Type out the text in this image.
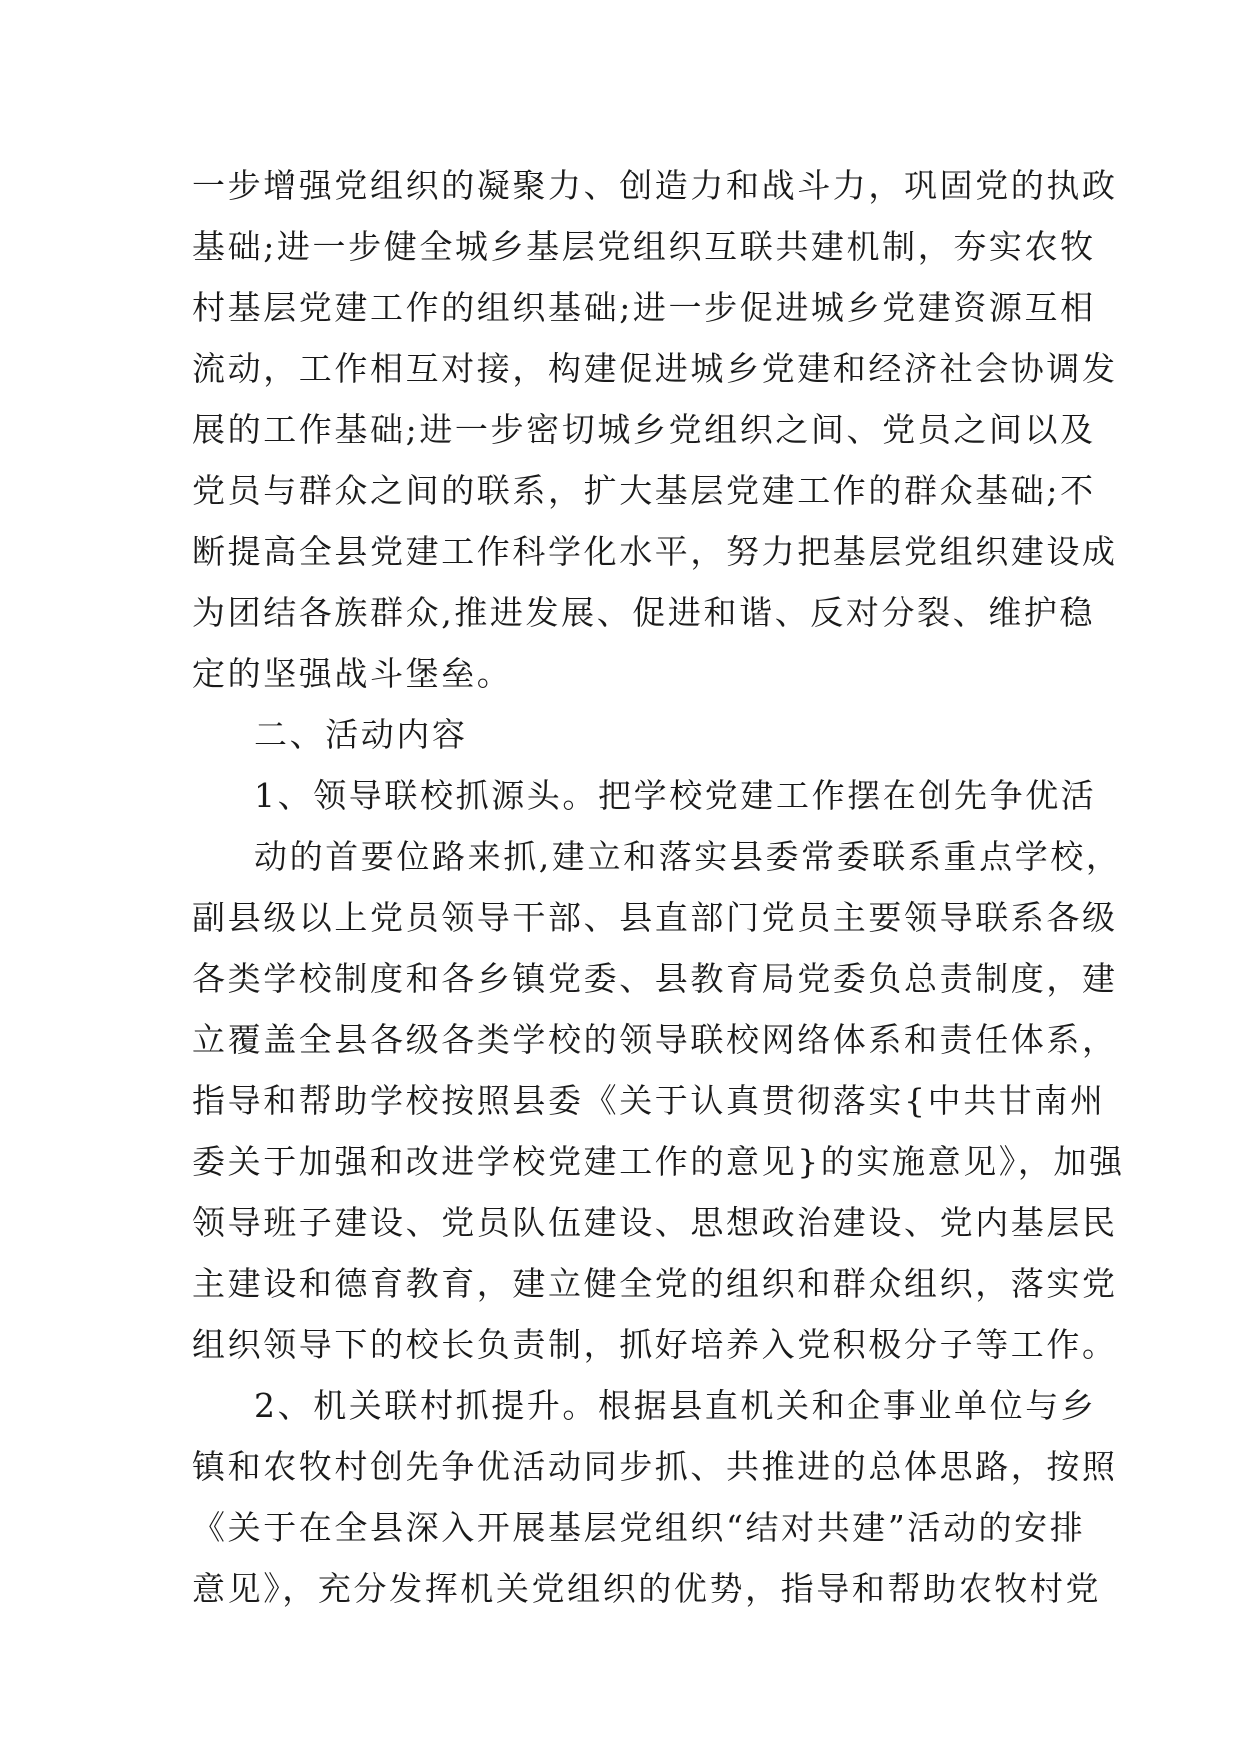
一步增强党组织的凝聚力、创造力和战斗力，巩固党的执政
基础;进一步健全城乡基层党组织互联共建机制，夯实农牧
村基层党建工作的组织基础;进一步促进城乡党建资源互相
流动，工作相互对接，构建促进城乡党建和经济社会协调发
展的工作基础;进一步密切城乡党组织之间、党员之间以及
党员与群众之间的联系，扩大基层党建工作的群众基础;不
断提高全县党建工作科学化水平，努力把基层党组织建设成
为团结各族群众,推进发展、促进和谐、反对分裂、维护稳
定的坚强战斗堡垒。
二、活动内容
1、领导联校抓源头。把学校党建工作摆在创先争优活
动的首要位路来抓,建立和落实县委常委联系重点学校，
副县级以上党员领导干部、县直部门党员主要领导联系各级
各类学校制度和各乡镇党委、县教育局党委负总责制度，建
立覆盖全县各级各类学校的领导联校网络体系和责任体系，
指导和帮助学校按照县委《关于认真贯彻落实{中共甘南州
委关于加强和改进学校党建工作的意见}的实施意见》，加强
领导班子建设、党员队伍建设、思想政治建设、党内基层民
主建设和德育教育，建立健全党的组织和群众组织，落实党
组织领导下的校长负责制，抓好培养入党积极分子等工作。
2、机关联村抓提升。根据县直机关和企事业单位与乡
镇和农牧村创先争优活动同步抓、共推进的总体思路，按照
《关于在全县深入开展基层党组织“结对共建”活动的安排
意见》，充分发挥机关党组织的优势，指导和帮助农牧村党
